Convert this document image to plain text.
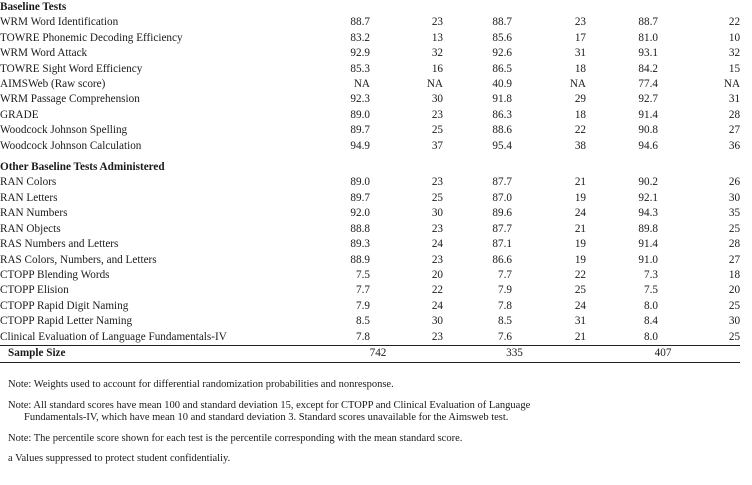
Baseline Tests						
WRM Word Identification	88.7	23	88.7	23	88.7	22
TOWRE Phonemic Decoding Efficiency	83.2	13	85.6	17	81.0	10
WRM Word Attack	92.9	32	92.6	31	93.1	32
TOWRE Sight Word Efficiency	85.3	16	86.5	18	84.2	15
AIMSWeb (Raw score)	NA	NA	40.9	NA	77.4	NA
WRM Passage Comprehension	92.3	30	91.8	29	92.7	31
GRADE	89.0	23	86.3	18	91.4	28
Woodcock Johnson Spelling	89.7	25	88.6	22	90.8	27
Woodcock Johnson Calculation	94.9	37	95.4	38	94.6	36

Other Baseline Tests Administered						
RAN Colors	89.0	23	87.7	21	90.2	26
RAN Letters	89.7	25	87.0	19	92.1	30
RAN Numbers	92.0	30	89.6	24	94.3	35
RAN Objects	88.8	23	87.7	21	89.8	25
RAS Numbers and Letters	89.3	24	87.1	19	91.4	28
RAS Colors, Numbers, and Letters	88.9	23	86.6	19	91.0	27
CTOPP Blending Words	7.5	20	7.7	22	7.3	18
CTOPP Elision	7.7	22	7.9	25	7.5	20
CTOPP Rapid Digit Naming	7.9	24	7.8	24	8.0	25
CTOPP Rapid Letter Naming	8.5	30	8.5	31	8.4	30
Clinical Evaluation of Language Fundamentals-IV	7.8	23	7.6	21	8.0	25
Sample Size	742		335		407	

Note: Weights used to account for differential randomization probabilities and nonresponse.

Note: All standard scores have mean 100 and standard deviation 15, except for CTOPP and Clinical Evaluation of Language
Fundamentals-IV, which have mean 10 and standard deviation 3. Standard scores unavailable for the Aimsweb test.

Note: The percentile score shown for each test is the percentile corresponding with the mean standard score.

a Values suppressed to protect student confidentialiy.
